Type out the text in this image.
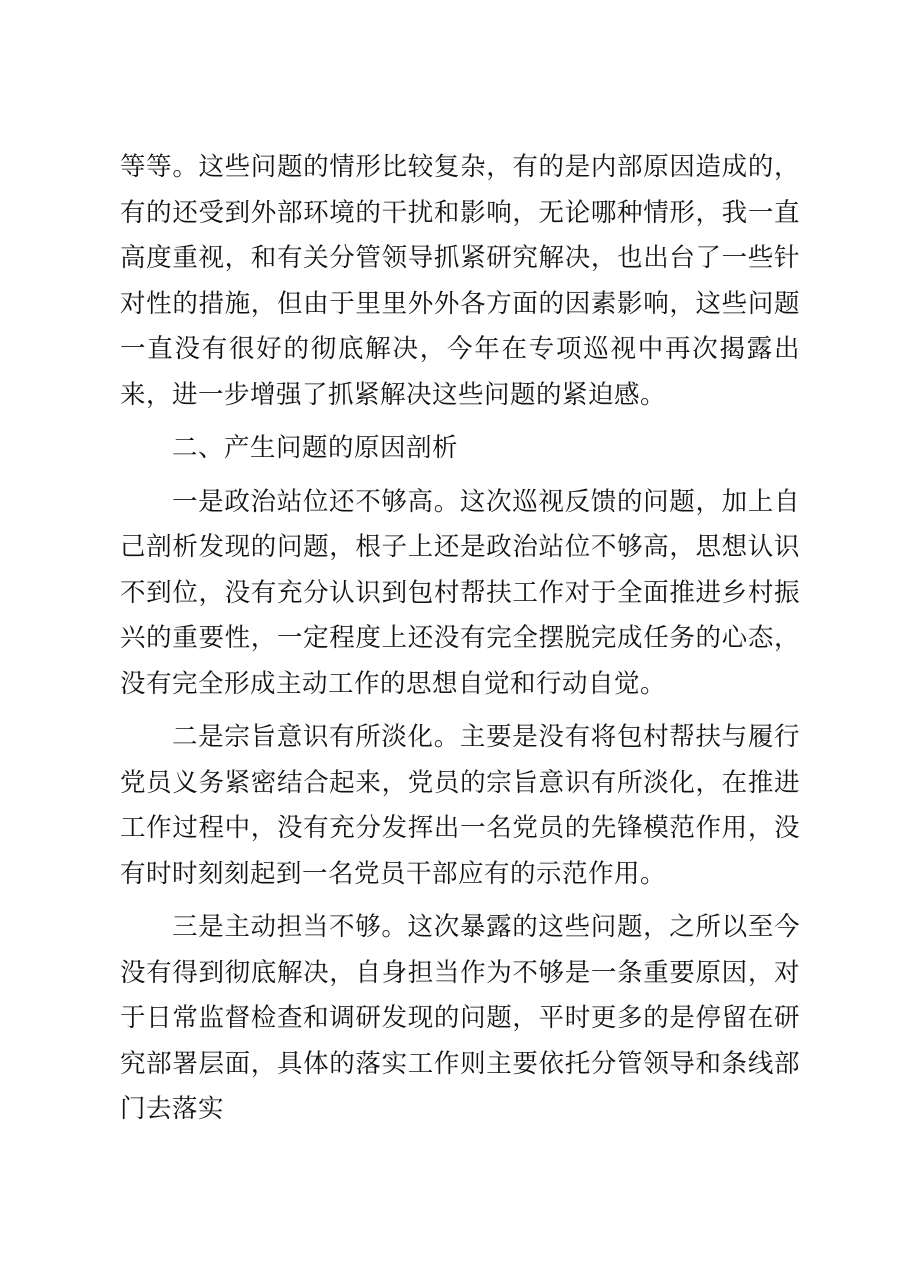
等等。这些问题的情形比较复杂，有的是内部原因造成的，有的还受到外部环境的干扰和影响，无论哪种情形，我一直高度重视，和有关分管领导抓紧研究解决，也出台了一些针对性的措施，但由于里里外外各方面的因素影响，这些问题一直没有很好的彻底解决，今年在专项巡视中再次揭露出来，进一步增强了抓紧解决这些问题的紧迫感。

二、产生问题的原因剖析

一是政治站位还不够高。这次巡视反馈的问题，加上自己剖析发现的问题，根子上还是政治站位不够高，思想认识不到位，没有充分认识到包村帮扶工作对于全面推进乡村振兴的重要性，一定程度上还没有完全摆脱完成任务的心态，没有完全形成主动工作的思想自觉和行动自觉。

二是宗旨意识有所淡化。主要是没有将包村帮扶与履行党员义务紧密结合起来，党员的宗旨意识有所淡化，在推进工作过程中，没有充分发挥出一名党员的先锋模范作用，没有时时刻刻起到一名党员干部应有的示范作用。

三是主动担当不够。这次暴露的这些问题，之所以至今没有得到彻底解决，自身担当作为不够是一条重要原因，对于日常监督检查和调研发现的问题，平时更多的是停留在研究部署层面，具体的落实工作则主要依托分管领导和条线部门去落实
